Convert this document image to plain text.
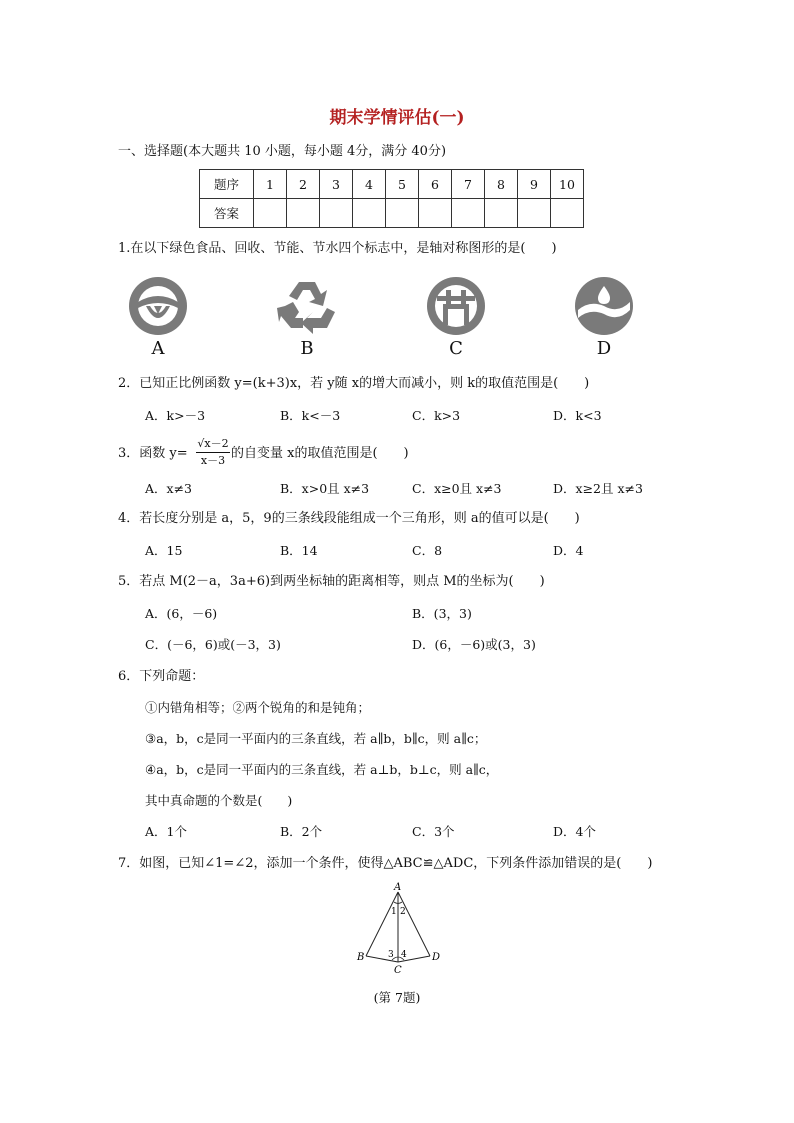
期末学情评估(一)
一、选择题(本大题共 10 小题，每小题 4分，满分 40分)
题序	1	2	3	4	5	6	7	8	9	10
答案										
1.在以下绿色食品、回收、节能、节水四个标志中，是轴对称图形的是(　　)
A	B	C	D
2．已知正比例函数 y=(k+3)x，若 y随 x的增大而减小，则 k的取值范围是(　　)
A．k>－3	B．k<－3	C．k>3	D．k<3
3．函数 y=
√x－2
x－3 的自变量 x的取值范围是(　　)
A．x≠3	B．x>0且 x≠3	C．x≥0且 x≠3	D．x≥2且 x≠3
4．若长度分别是 a，5，9的三条线段能组成一个三角形，则 a的值可以是(　　)
A．15	B．14	C．8	D．4
5．若点 M(2－a，3a+6)到两坐标轴的距离相等，则点 M的坐标为(　　)
A．(6，－6)	B．(3，3)
C．(－6，6)或(－3，3)	D．(6，－6)或(3，3)
6．下列命题：
①内错角相等；②两个锐角的和是钝角；
③a，b，c是同一平面内的三条直线，若 a∥b，b∥c，则 a∥c；
④a，b，c是同一平面内的三条直线，若 a⊥b，b⊥c，则 a∥c，
其中真命题的个数是(　　)
A．1个	B．2个	C．3个	D．4个
7．如图，已知∠1=∠2，添加一个条件，使得△ABC≌△ADC，下列条件添加错误的是(　　)
A
B
C
D
1 2
3 4
(第 7题)
